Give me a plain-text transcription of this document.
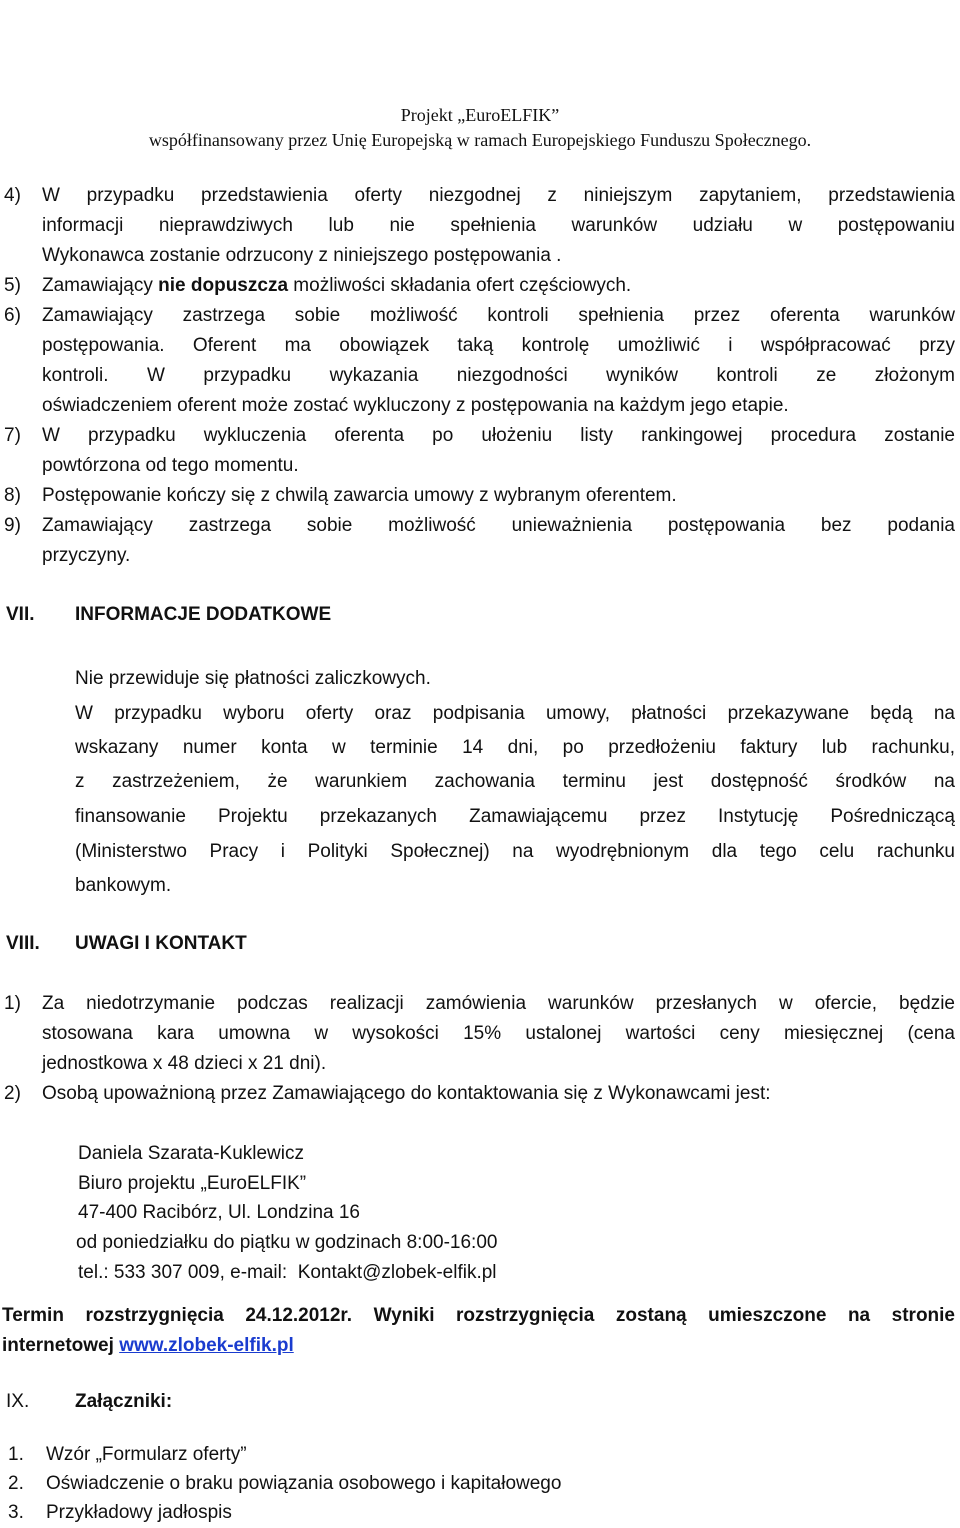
Projekt „EuroELFIK”
współfinansowany przez Unię Europejską w ramach Europejskiego Funduszu Społecznego.
4) W przypadku przedstawienia oferty niezgodnej z niniejszym zapytaniem, przedstawienia
informacji nieprawdziwych lub nie spełnienia warunków udziału w postępowaniu
Wykonawca zostanie odrzucony z niniejszego postępowania .
5) Zamawiający nie dopuszcza możliwości składania ofert częściowych.
6) Zamawiający zastrzega sobie możliwość kontroli spełnienia przez oferenta warunków
postępowania. Oferent ma obowiązek taką kontrolę umożliwić i współpracować przy
kontroli. W przypadku wykazania niezgodności wyników kontroli ze złożonym
oświadczeniem oferent może zostać wykluczony z postępowania na każdym jego etapie.
7) W przypadku wykluczenia oferenta po ułożeniu listy rankingowej procedura zostanie
powtórzona od tego momentu.
8) Postępowanie kończy się z chwilą zawarcia umowy z wybranym oferentem.
9) Zamawiający zastrzega sobie możliwość unieważnienia postępowania bez podania
przyczyny.
VII. INFORMACJE DODATKOWE
Nie przewiduje się płatności zaliczkowych.
W przypadku wyboru oferty oraz podpisania umowy, płatności przekazywane będą na
wskazany numer konta w terminie 14 dni, po przedłożeniu faktury lub rachunku,
z zastrzeżeniem, że warunkiem zachowania terminu jest dostępność środków na
finansowanie Projektu przekazanych Zamawiającemu przez Instytucję Pośredniczącą
(Ministerstwo Pracy i Polityki Społecznej) na wyodrębnionym dla tego celu rachunku
bankowym.
VIII. UWAGI I KONTAKT
1) Za niedotrzymanie podczas realizacji zamówienia warunków przesłanych w ofercie, będzie
stosowana kara umowna w wysokości 15% ustalonej wartości ceny miesięcznej (cena
jednostkowa x 48 dzieci x 21 dni).
2) Osobą upoważnioną przez Zamawiającego do kontaktowania się z Wykonawcami jest:
Daniela Szarata-Kuklewicz
Biuro projektu „EuroELFIK”
47-400 Racibórz, Ul. Londzina 16
od poniedziałku do piątku w godzinach 8:00-16:00
tel.: 533 307 009, e-mail:  Kontakt@zlobek-elfik.pl
Termin rozstrzygnięcia 24.12.2012r. Wyniki rozstrzygnięcia zostaną umieszczone na stronie
internetowej www.zlobek-elfik.pl
IX. Załączniki:
1. Wzór „Formularz oferty”
2. Oświadczenie o braku powiązania osobowego i kapitałowego
3. Przykładowy jadłospis
